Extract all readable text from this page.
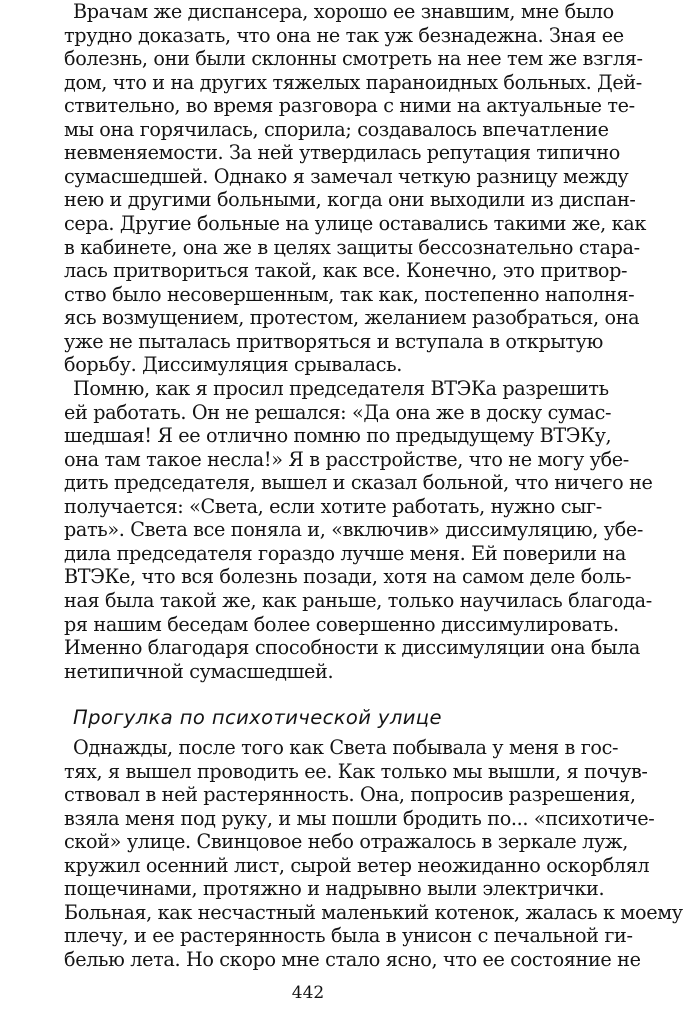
Врачам же диспансера, хорошо ее знавшим, мне было
трудно доказать, что она не так уж безнадежна. Зная ее
болезнь, они были склонны смотреть на нее тем же взгля-
дом, что и на других тяжелых параноидных больных. Дей-
ствительно, во время разговора с ними на актуальные те-
мы она горячилась, спорила; создавалось впечатление
невменяемости. За ней утвердилась репутация типично
сумасшедшей. Однако я замечал четкую разницу между
нею и другими больными, когда они выходили из диспан-
сера. Другие больные на улице оставались такими же, как
в кабинете, она же в целях защиты бессознательно стара-
лась притвориться такой, как все. Конечно, это притвор-
ство было несовершенным, так как, постепенно наполня-
ясь возмущением, протестом, желанием разобраться, она
уже не пыталась притворяться и вступала в открытую
борьбу. Диссимуляция срывалась.
Помню, как я просил председателя ВТЭКа разрешить
ей работать. Он не решался: «Да она же в доску сумас-
шедшая! Я ее отлично помню по предыдущему ВТЭКу,
она там такое несла!» Я в расстройстве, что не могу убе-
дить председателя, вышел и сказал больной, что ничего не
получается: «Света, если хотите работать, нужно сыг-
рать». Света все поняла и, «включив» диссимуляцию, убе-
дила председателя гораздо лучше меня. Ей поверили на
ВТЭКе, что вся болезнь позади, хотя на самом деле боль-
ная была такой же, как раньше, только научилась благода-
ря нашим беседам более совершенно диссимулировать.
Именно благодаря способности к диссимуляции она была
нетипичной сумасшедшей.
Прогулка по психотической улице
Однажды, после того как Света побывала у меня в гос-
тях, я вышел проводить ее. Как только мы вышли, я почув-
ствовал в ней растерянность. Она, попросив разрешения,
взяла меня под руку, и мы пошли бродить по... «психотиче-
ской» улице. Свинцовое небо отражалось в зеркале луж,
кружил осенний лист, сырой ветер неожиданно оскорблял
пощечинами, протяжно и надрывно выли электрички.
Больная, как несчастный маленький котенок, жалась к моему
плечу, и ее растерянность была в унисон с печальной ги-
белью лета. Но скоро мне стало ясно, что ее состояние не
442
